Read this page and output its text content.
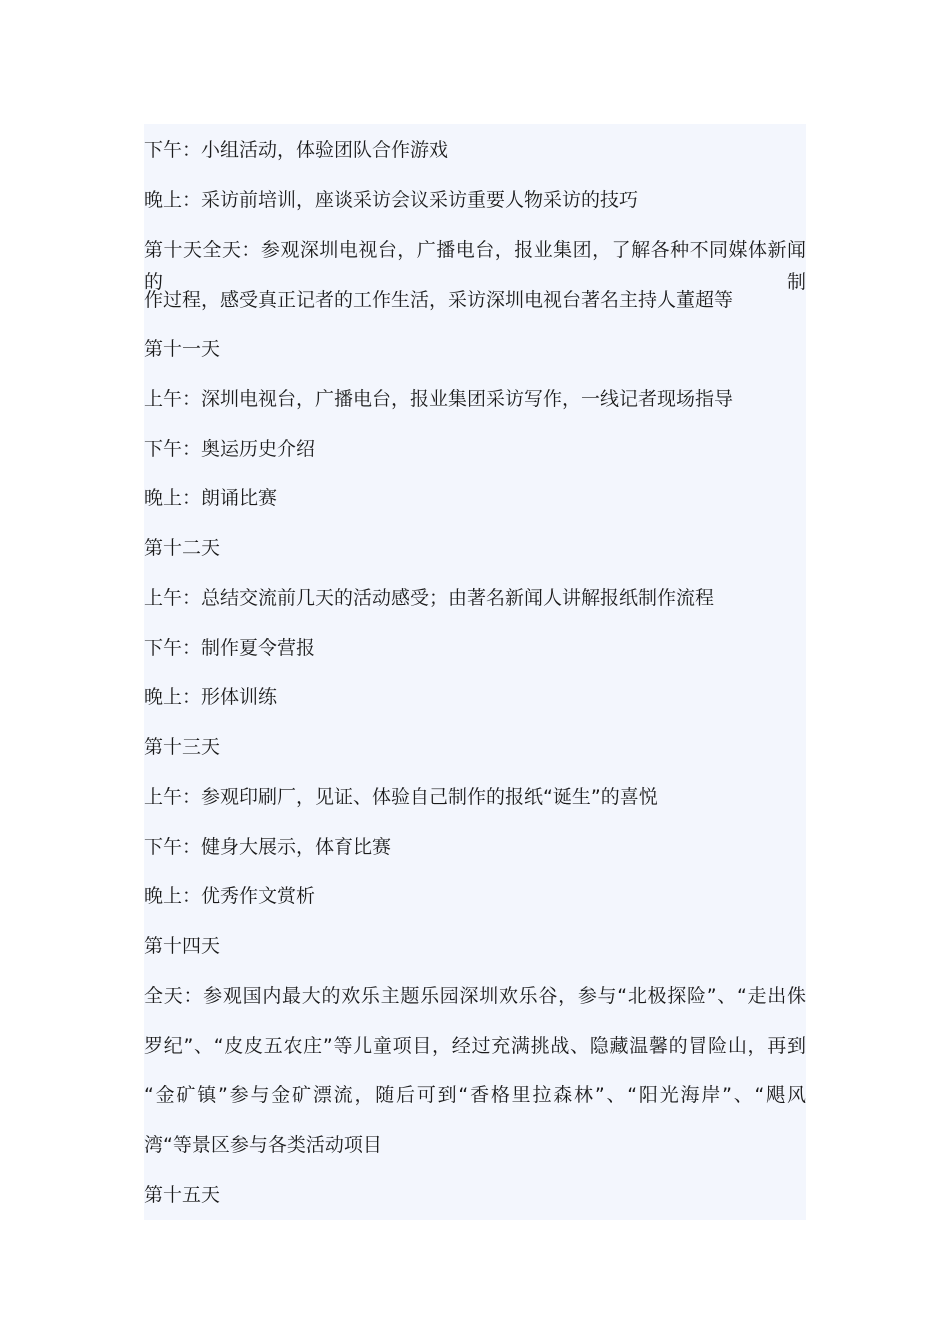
下午：小组活动，体验团队合作游戏
晚上：采访前培训，座谈采访会议采访重要人物采访的技巧
第十天全天：参观深圳电视台，广播电台，报业集团，了解各种不同媒体新闻的制
作过程，感受真正记者的工作生活，采访深圳电视台著名主持人董超等
第十一天
上午：深圳电视台，广播电台，报业集团采访写作，一线记者现场指导
下午：奥运历史介绍
晚上：朗诵比赛
第十二天
上午：总结交流前几天的活动感受；由著名新闻人讲解报纸制作流程
下午：制作夏令营报
晚上：形体训练
第十三天
上午：参观印刷厂，见证、体验自己制作的报纸“诞生”的喜悦
下午：健身大展示，体育比赛
晚上：优秀作文赏析
第十四天
全天：参观国内最大的欢乐主题乐园深圳欢乐谷，参与“北极探险”、“走出侏
罗纪”、“皮皮五农庄”等儿童项目，经过充满挑战、隐藏温馨的冒险山，再到
“金矿镇”参与金矿漂流，随后可到“香格里拉森林”、“阳光海岸”、“飓风
湾“等景区参与各类活动项目
第十五天
